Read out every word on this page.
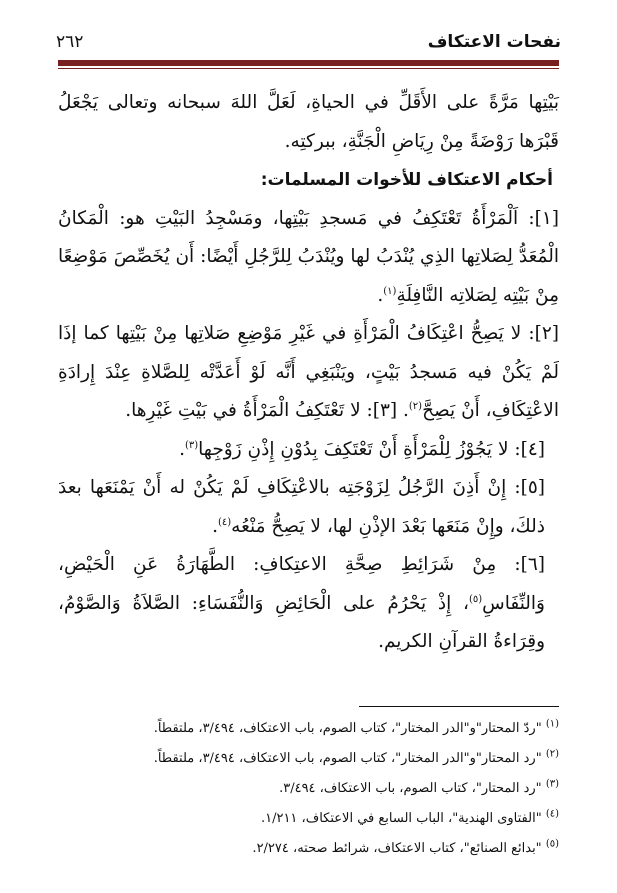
نفحات الاعتكاف
٢٦٢

بَيْتِها مَرَّةً على الأَقَلِّ في الحياةِ، لَعَلَّ اللهَ سبحانه وتعالى يَجْعَلُ قَبْرَها رَوْضَةً مِنْ رِيَاضِ الْجَنَّةِ، ببركتِه.

أحكام الاعتكاف للأخوات المسلمات:

[١]: اَلْمَرْأَةُ تَعْتَكِفُ في مَسجدِ بَيْتِها، ومَسْجِدُ البَيْتِ هو: الْمَكانُ الْمُعَدُّ لِصَلاتِها الذِي يُنْدَبُ لها ويُنْدَبُ لِلرَّجُلِ أَيْضًا: أَن يُخَصِّصَ مَوْضِعًا مِنْ بَيْتِه لِصَلاتِه النَّافِلَةِ$^{(١)}$.

[٢]: لا يَصِحُّ اعْتِكَافُ الْمَرْأَةِ في غَيْرِ مَوْضِعِ صَلاتِها مِنْ بَيْتِها كما إذَا لَمْ يَكُنْ فيه مَسجدُ بَيْتٍ، ويَنْبَغِي أَنَّه لَوْ أَعَدَّتْه لِلصَّلاةِ عِنْدَ إِرادَةِ الاعْتِكَافِ، أَنْ يَصِحَّ$^{(٢)}$. [٣]: لا تَعْتَكِفُ الْمَرْأَةُ في بَيْتِ غَيْرِها.

[٤]: لا يَجُوْزُ لِلْمَرْأَةِ أَنْ تَعْتَكِفَ بِدُوْنِ إِذْنِ زَوْجِها$^{(٣)}$.

[٥]: إِنْ أَذِنَ الرَّجُلُ لِزَوْجَتِه بالاعْتِكَافِ لَمْ يَكُنْ له أَنْ يَمْنَعَها بعدَ ذلكَ، وإِنْ مَنَعَها بَعْدَ الإذْنِ لها، لا يَصِحُّ مَنْعُه$^{(٤)}$.

[٦]: مِنْ شَرَائِطِ صِحَّةِ الاعتِكافِ: الطَّهَارَةُ عَنِ الْحَيْضِ، وَالنِّفَاسِ$^{(٥)}$، إِذْ يَحْرُمُ على الْحَائِضِ وَالنُّفَسَاءِ: الصَّلاَةُ وَالصَّوْمُ، وقِرَاءةُ القرآنِ الكريم.

$^{(١)}$ "ردّ المحتار"و"الدر المختار"، كتاب الصوم، باب الاعتكاف، ٣/٤٩٤، ملتقطاً.

$^{(٢)}$ "رد المحتار"و"الدر المختار"، كتاب الصوم، باب الاعتكاف، ٣/٤٩٤، ملتقطاً.

$^{(٣)}$ "رد المحتار"، كتاب الصوم، باب الاعتكاف، ٣/٤٩٤.

$^{(٤)}$ "الفتاوى الهندية"، الباب السابع في الاعتكاف، ١/٢١١.

$^{(٥)}$ "بدائع الصنائع"، كتاب الاعتكاف، شرائط صحته، ٢/٢٧٤.
